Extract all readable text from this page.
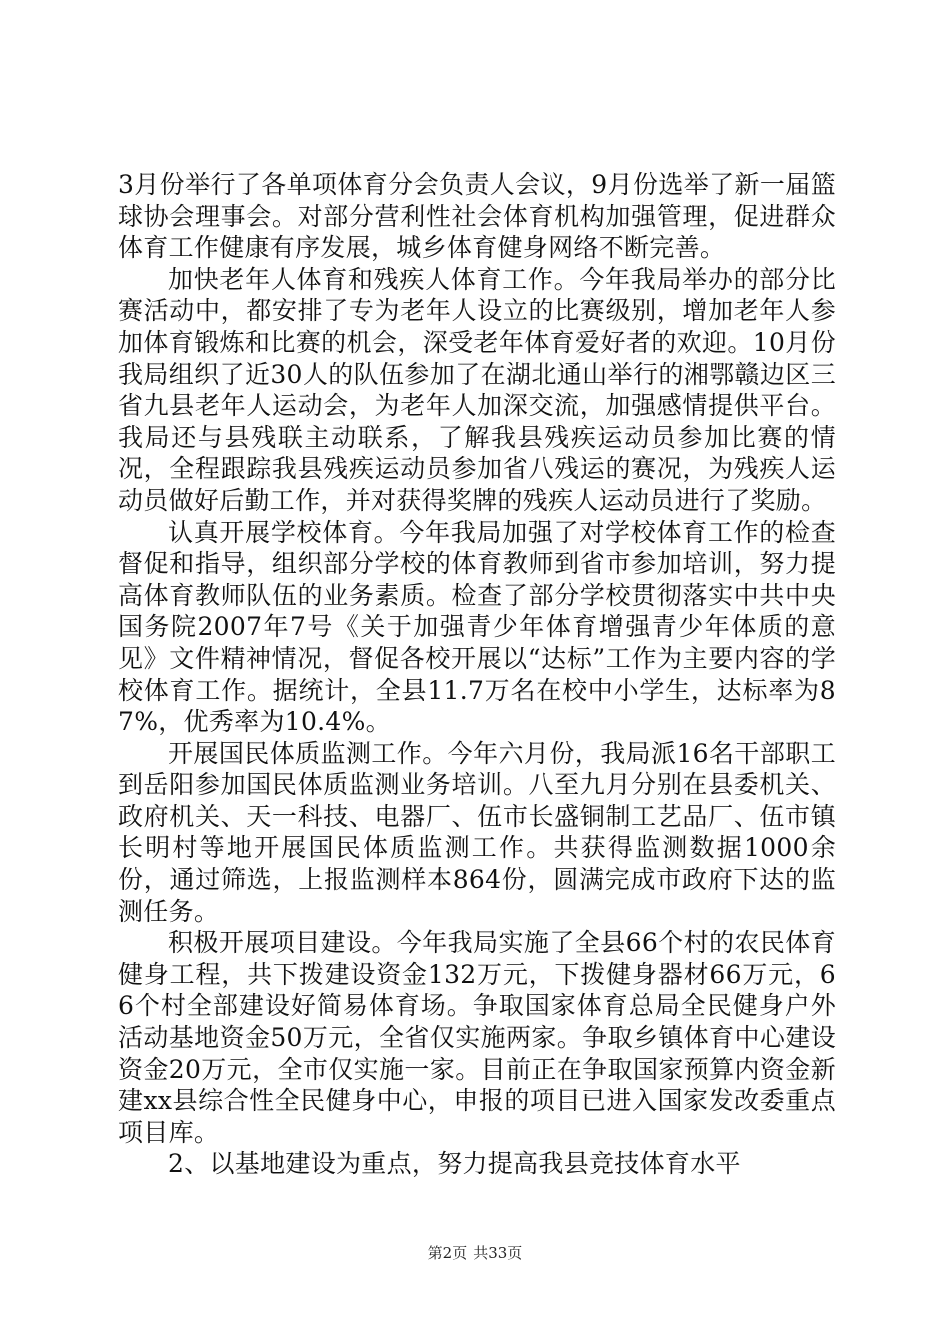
3月份举行了各单项体育分会负责人会议，9月份选举了新一届篮球协会理事会。对部分营利性社会体育机构加强管理，促进群众体育工作健康有序发展，城乡体育健身网络不断完善。

加快老年人体育和残疾人体育工作。今年我局举办的部分比赛活动中，都安排了专为老年人设立的比赛级别，增加老年人参加体育锻炼和比赛的机会，深受老年体育爱好者的欢迎。10月份我局组织了近30人的队伍参加了在湖北通山举行的湘鄂赣边区三省九县老年人运动会，为老年人加深交流，加强感情提供平台。我局还与县残联主动联系，了解我县残疾运动员参加比赛的情况，全程跟踪我县残疾运动员参加省八残运的赛况，为残疾人运动员做好后勤工作，并对获得奖牌的残疾人运动员进行了奖励。

认真开展学校体育。今年我局加强了对学校体育工作的检查督促和指导，组织部分学校的体育教师到省市参加培训，努力提高体育教师队伍的业务素质。检查了部分学校贯彻落实中共中央国务院2007年7号《关于加强青少年体育增强青少年体质的意见》文件精神情况，督促各校开展以“达标”工作为主要内容的学校体育工作。据统计，全县11.7万名在校中小学生，达标率为87%，优秀率为10.4%。

开展国民体质监测工作。今年六月份，我局派16名干部职工到岳阳参加国民体质监测业务培训。八至九月分别在县委机关、政府机关、天一科技、电器厂、伍市长盛铜制工艺品厂、伍市镇长明村等地开展国民体质监测工作。共获得监测数据1000余份，通过筛选，上报监测样本864份，圆满完成市政府下达的监测任务。

积极开展项目建设。今年我局实施了全县66个村的农民体育健身工程，共下拨建设资金132万元，下拨健身器材66万元，66个村全部建设好简易体育场。争取国家体育总局全民健身户外活动基地资金50万元，全省仅实施两家。争取乡镇体育中心建设资金20万元，全市仅实施一家。目前正在争取国家预算内资金新建xx县综合性全民健身中心，申报的项目已进入国家发改委重点项目库。

2、以基地建设为重点，努力提高我县竞技体育水平

第2页 共33页
